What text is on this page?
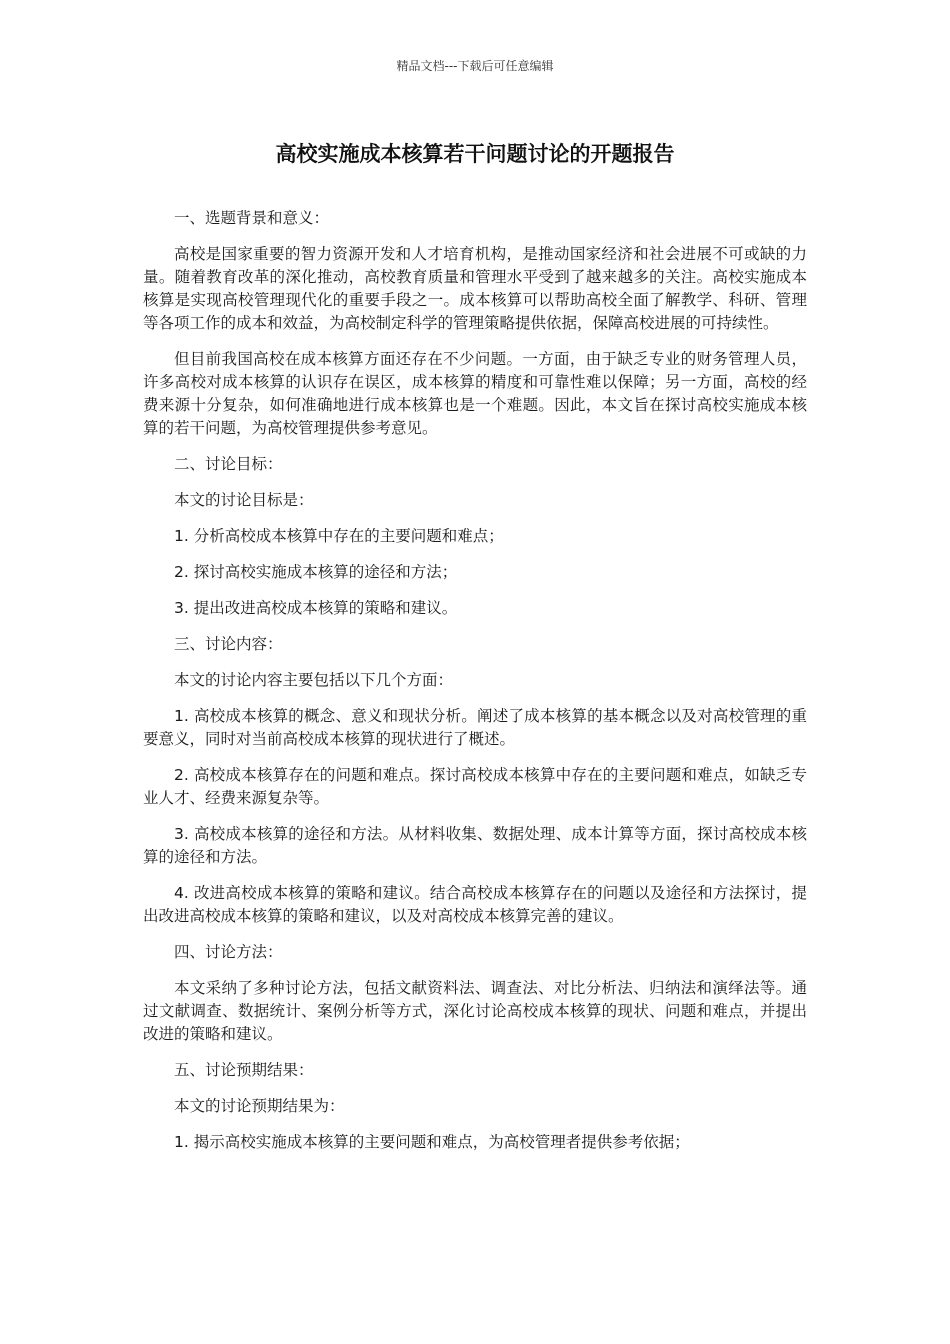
精品文档---下载后可任意编辑
高校实施成本核算若干问题讨论的开题报告

一、选题背景和意义：

高校是国家重要的智力资源开发和人才培育机构，是推动国家经济和社会进展不可或缺的力量。随着教育改革的深化推动，高校教育质量和管理水平受到了越来越多的关注。高校实施成本核算是实现高校管理现代化的重要手段之一。成本核算可以帮助高校全面了解教学、科研、管理等各项工作的成本和效益，为高校制定科学的管理策略提供依据，保障高校进展的可持续性。

但目前我国高校在成本核算方面还存在不少问题。一方面，由于缺乏专业的财务管理人员，许多高校对成本核算的认识存在误区，成本核算的精度和可靠性难以保障；另一方面，高校的经费来源十分复杂，如何准确地进行成本核算也是一个难题。因此，本文旨在探讨高校实施成本核算的若干问题，为高校管理提供参考意见。

二、讨论目标：

本文的讨论目标是：

1. 分析高校成本核算中存在的主要问题和难点；

2. 探讨高校实施成本核算的途径和方法；

3. 提出改进高校成本核算的策略和建议。

三、讨论内容：

本文的讨论内容主要包括以下几个方面：

1. 高校成本核算的概念、意义和现状分析。阐述了成本核算的基本概念以及对高校管理的重要意义，同时对当前高校成本核算的现状进行了概述。

2. 高校成本核算存在的问题和难点。探讨高校成本核算中存在的主要问题和难点，如缺乏专业人才、经费来源复杂等。

3. 高校成本核算的途径和方法。从材料收集、数据处理、成本计算等方面，探讨高校成本核算的途径和方法。

4. 改进高校成本核算的策略和建议。结合高校成本核算存在的问题以及途径和方法探讨，提出改进高校成本核算的策略和建议，以及对高校成本核算完善的建议。

四、讨论方法：

本文采纳了多种讨论方法，包括文献资料法、调查法、对比分析法、归纳法和演绎法等。通过文献调查、数据统计、案例分析等方式，深化讨论高校成本核算的现状、问题和难点，并提出改进的策略和建议。

五、讨论预期结果：

本文的讨论预期结果为：

1. 揭示高校实施成本核算的主要问题和难点，为高校管理者提供参考依据；
